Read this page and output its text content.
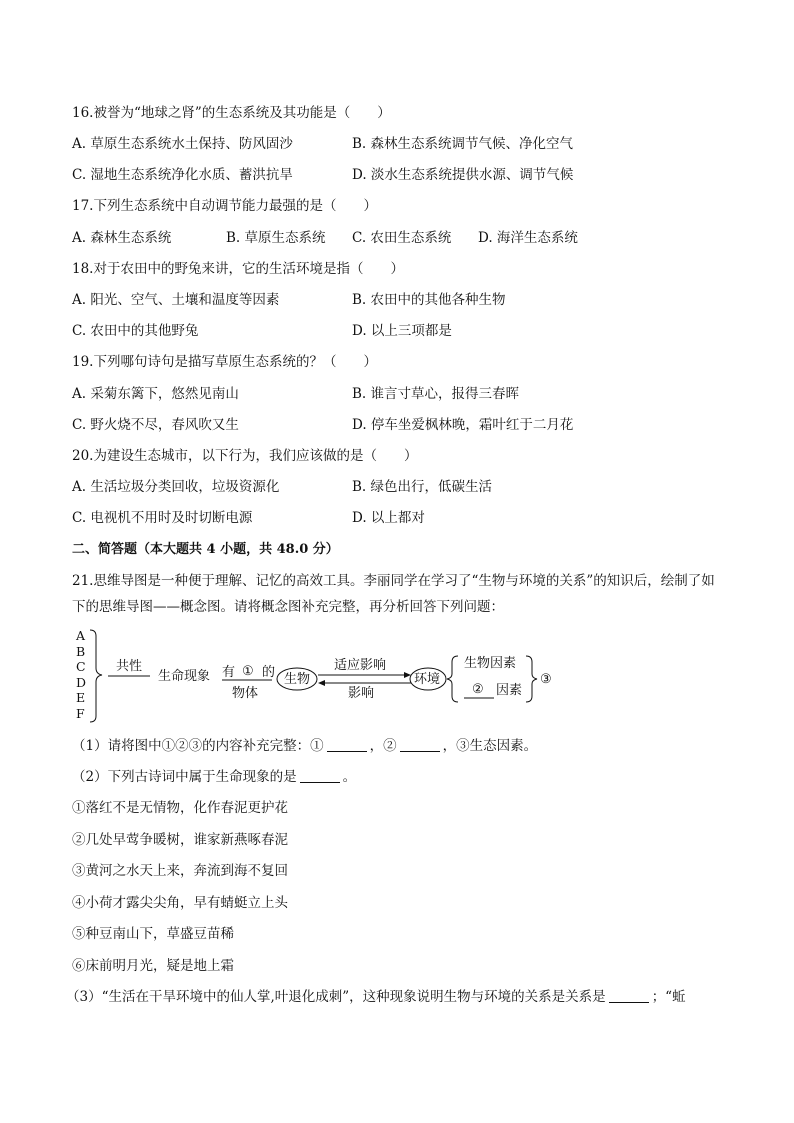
16.被誉为“地球之肾”的生态系统及其功能是（　　）
A. 草原生态系统水土保持、防风固沙	B. 森林生态系统调节气候、净化空气
C. 湿地生态系统净化水质、蓄洪抗旱	D. 淡水生态系统提供水源、调节气候
17.下列生态系统中自动调节能力最强的是（　　）
A. 森林生态系统	B. 草原生态系统 C. 农田生态系统 D. 海洋生态系统
18.对于农田中的野兔来讲，它的生活环境是指（　　）
A. 阳光、空气、土壤和温度等因素	B. 农田中的其他各种生物
C. 农田中的其他野兔	D. 以上三项都是
19.下列哪句诗句是描写草原生态系统的？（　　）
A. 采菊东篱下，悠然见南山	B. 谁言寸草心，报得三春晖
C. 野火烧不尽，春风吹又生	D. 停车坐爱枫林晚，霜叶红于二月花
20.为建设生态城市，以下行为，我们应该做的是（　　）
A. 生活垃圾分类回收，垃圾资源化	B. 绿色出行，低碳生活
C. 电视机不用时及时切断电源	D. 以上都对
二、简答题（本大题共 4 小题，共 48.0 分）
21.思维导图是一种便于理解、记忆的高效工具。李丽同学在学习了“生物与环境的关系”的知识后，绘制了如下的思维导图——概念图。请将概念图补充完整，再分析回答下列问题：
A
B
C
D
E
F
共性
生命现象 有 ① 的
物体
生物
适应影响
影响
环境
生物因素
② 因素
③
（1）请将图中①②③的内容补充完整：①	，②	，③生态因素。
（2）下列古诗词中属于生命现象的是	。
①落红不是无情物，化作春泥更护花
②几处早莺争暖树，谁家新燕啄春泥
③黄河之水天上来，奔流到海不复回
④小荷才露尖尖角，早有蜻蜓立上头
⑤种豆南山下，草盛豆苗稀
⑥床前明月光，疑是地上霜
（3）“生活在干旱环境中的仙人掌,叶退化成刺”，这种现象说明生物与环境的关系是关系是	；“蚯
